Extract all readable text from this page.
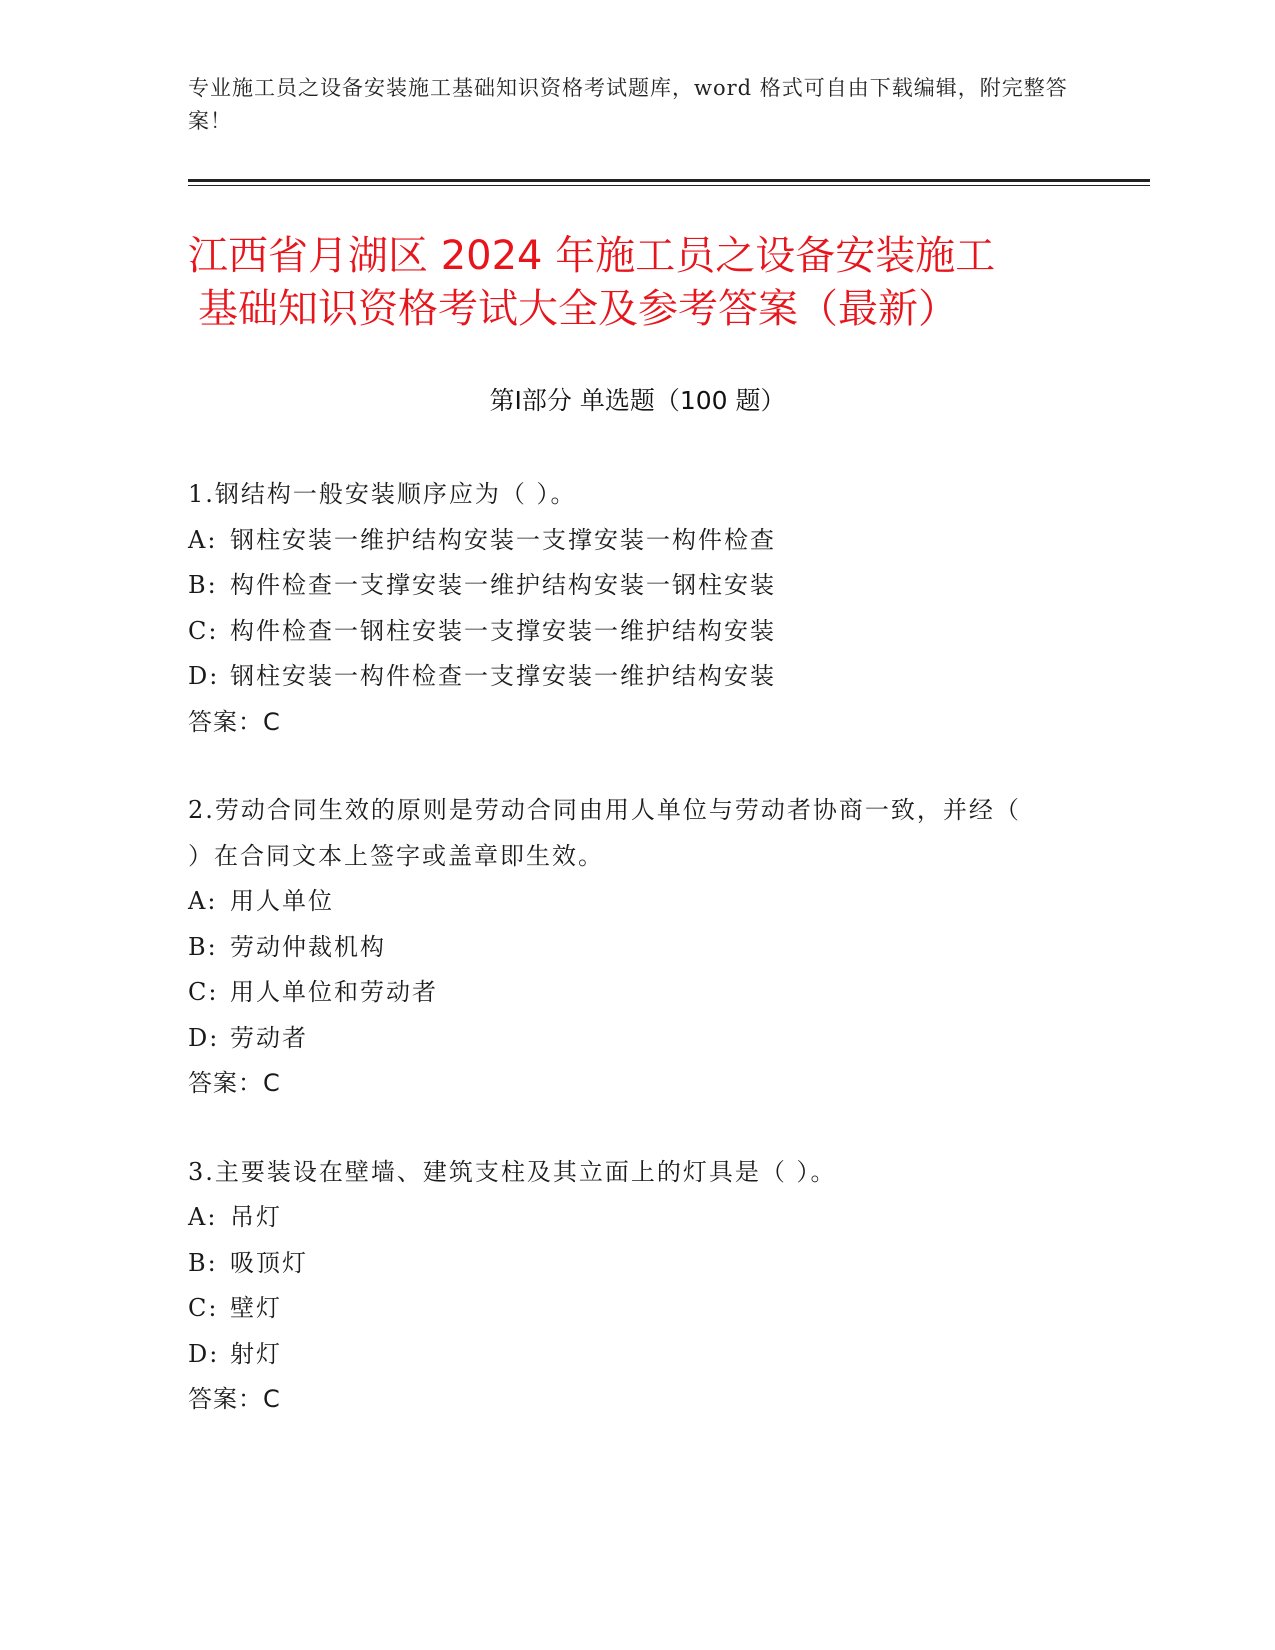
专业施工员之设备安装施工基础知识资格考试题库，word 格式可自由下载编辑，附完整答案！
江西省月湖区 2024 年施工员之设备安装施工
基础知识资格考试大全及参考答案（最新）
第Ⅰ部分 单选题（100 题）
1.钢结构一般安装顺序应为（ ）。
A: 钢柱安装一维护结构安装一支撑安装一构件检查
B: 构件检查一支撑安装一维护结构安装一钢柱安装
C: 构件检查一钢柱安装一支撑安装一维护结构安装
D: 钢柱安装一构件检查一支撑安装一维护结构安装
答案：C
2.劳动合同生效的原则是劳动合同由用人单位与劳动者协商一致，并经（ ）在合同文本上签字或盖章即生效。
A: 用人单位
B: 劳动仲裁机构
C: 用人单位和劳动者
D: 劳动者
答案：C
3.主要装设在壁墙、建筑支柱及其立面上的灯具是（ ）。
A: 吊灯
B: 吸顶灯
C: 壁灯
D: 射灯
答案：C
